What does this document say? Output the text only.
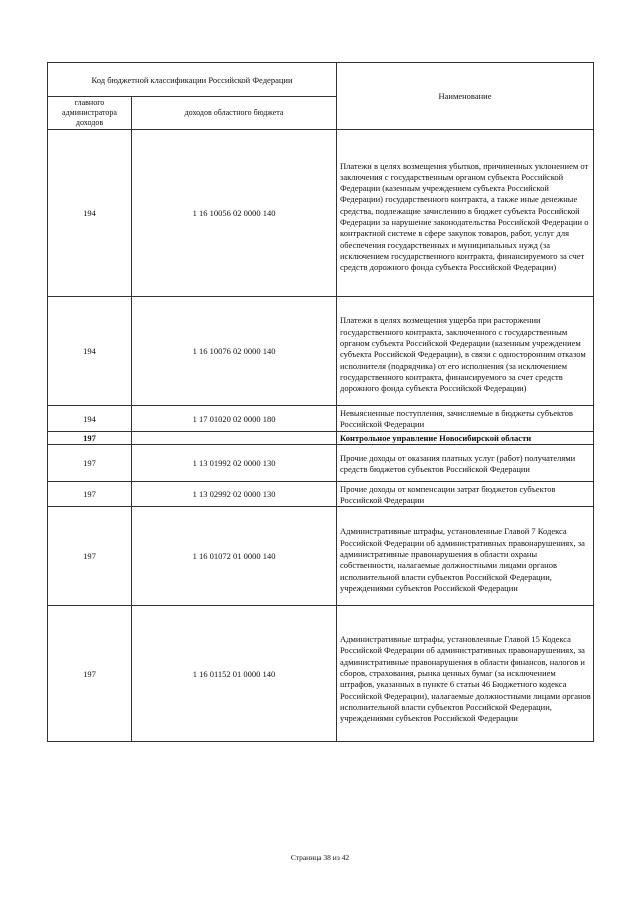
Код бюджетной классификации Российской Федерации		Наименование
главного администратора доходов	доходов областного бюджета	
194	1 16 10056 02 0000 140	Платежи в целях возмещения убытков, причиненных уклонением от заключения с государственным органом субъекта Российской Федерации (казенным учреждением субъекта Российской Федерации) государственного контракта, а также иные денежные средства, подлежащие зачислению в бюджет субъекта Российской Федерации за нарушение законодательства Российской Федерации о контрактной системе в сфере закупок товаров, работ, услуг для обеспечения государственных и муниципальных нужд (за исключением государственного контракта, финансируемого за счет средств дорожного фонда субъекта Российской Федерации)
194	1 16 10076 02 0000 140	Платежи в целях возмещения ущерба при расторжении государственного контракта, заключенного с государственным органом субъекта Российской Федерации (казенным учреждением субъекта Российской Федерации), в связи с односторонним отказом исполнителя (подрядчика) от его исполнения (за исключением государственного контракта, финансируемого за счет средств дорожного фонда субъекта Российской Федерации)
194	1 17 01020 02 0000 180	Невыясненные поступления, зачисляемые в бюджеты субъектов Российской Федерации
197		Контрольное управление Новосибирской области
197	1 13 01992 02 0000 130	Прочие доходы от оказания платных услуг (работ) получателями средств бюджетов субъектов Российской Федерации
197	1 13 02992 02 0000 130	Прочие доходы от компенсации затрат бюджетов субъектов Российской Федерации
197	1 16 01072 01 0000 140	Административные штрафы, установленные Главой 7 Кодекса Российской Федерации об административных правонарушениях, за административные правонарушения в области охраны собственности, налагаемые должностными лицами органов исполнительной власти субъектов Российской Федерации, учреждениями субъектов Российской Федерации
197	1 16 01152 01 0000 140	Административные штрафы, установленные Главой 15 Кодекса Российской Федерации об административных правонарушениях, за административные правонарушения в области финансов, налогов и сборов, страхования, рынка ценных бумаг (за исключением штрафов, указанных в пункте 6 статьи 46 Бюджетного кодекса Российской Федерации), налагаемые должностными лицами органов исполнительной власти субъектов Российской Федерации, учреждениями субъектов Российской Федерации
Страница 38 из 42
